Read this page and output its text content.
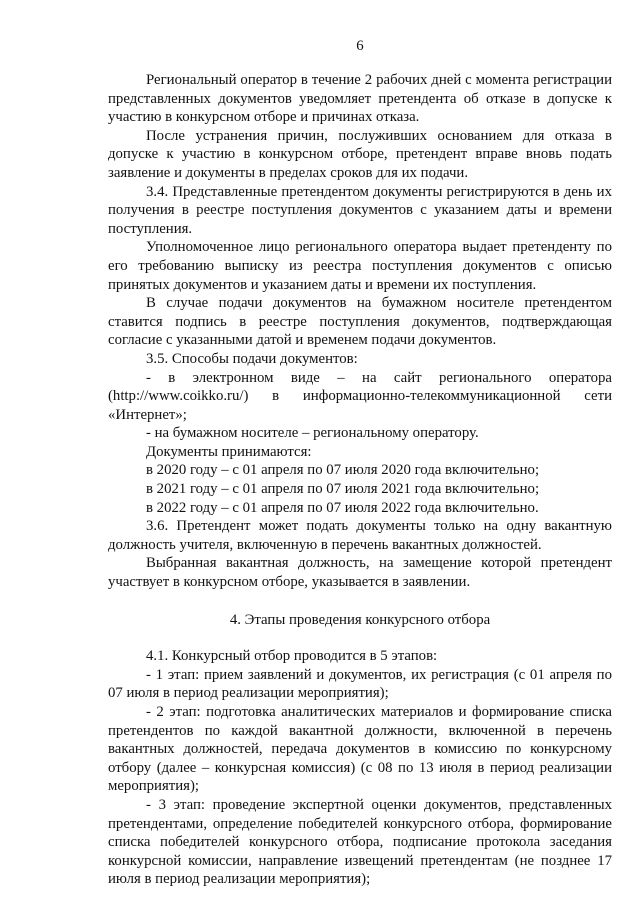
6

Региональный оператор в течение 2 рабочих дней с момента регистрации представленных документов уведомляет претендента об отказе в допуске к участию в конкурсном отборе и причинах отказа.

После устранения причин, послуживших основанием для отказа в допуске к участию в конкурсном отборе, претендент вправе вновь подать заявление и документы в пределах сроков для их подачи.

3.4. Представленные претендентом документы регистрируются в день их получения в реестре поступления документов с указанием даты и времени поступления.

Уполномоченное лицо регионального оператора выдает претенденту по его требованию выписку из реестра поступления документов с описью принятых документов и указанием даты и времени их поступления.

В случае подачи документов на бумажном носителе претендентом ставится подпись в реестре поступления документов, подтверждающая согласие с указанными датой и временем подачи документов.

3.5. Способы подачи документов:

- в электронном виде – на сайт регионального оператора (http://www.coikko.ru/) в информационно-телекоммуникационной сети «Интернет»;

- на бумажном носителе – региональному оператору.

Документы принимаются:

в 2020 году – с 01 апреля по 07 июля 2020 года включительно;

в 2021 году – с 01 апреля по 07 июля 2021 года включительно;

в 2022 году – с 01 апреля по 07 июля 2022 года включительно.

3.6. Претендент может подать документы только на одну вакантную должность учителя, включенную в перечень вакантных должностей.

Выбранная вакантная должность, на замещение которой претендент участвует в конкурсном отборе, указывается в заявлении.

4. Этапы проведения конкурсного отбора

4.1. Конкурсный отбор проводится в 5 этапов:

- 1 этап: прием заявлений и документов, их регистрация (с 01 апреля по 07 июля в период реализации мероприятия);

- 2 этап: подготовка аналитических материалов и формирование списка претендентов по каждой вакантной должности, включенной в перечень вакантных должностей, передача документов в комиссию по конкурсному отбору (далее – конкурсная комиссия) (с 08 по 13 июля в период реализации мероприятия);

- 3 этап: проведение экспертной оценки документов, представленных претендентами, определение победителей конкурсного отбора, формирование списка победителей конкурсного отбора, подписание протокола заседания конкурсной комиссии, направление извещений претендентам (не позднее 17 июля в период реализации мероприятия);
